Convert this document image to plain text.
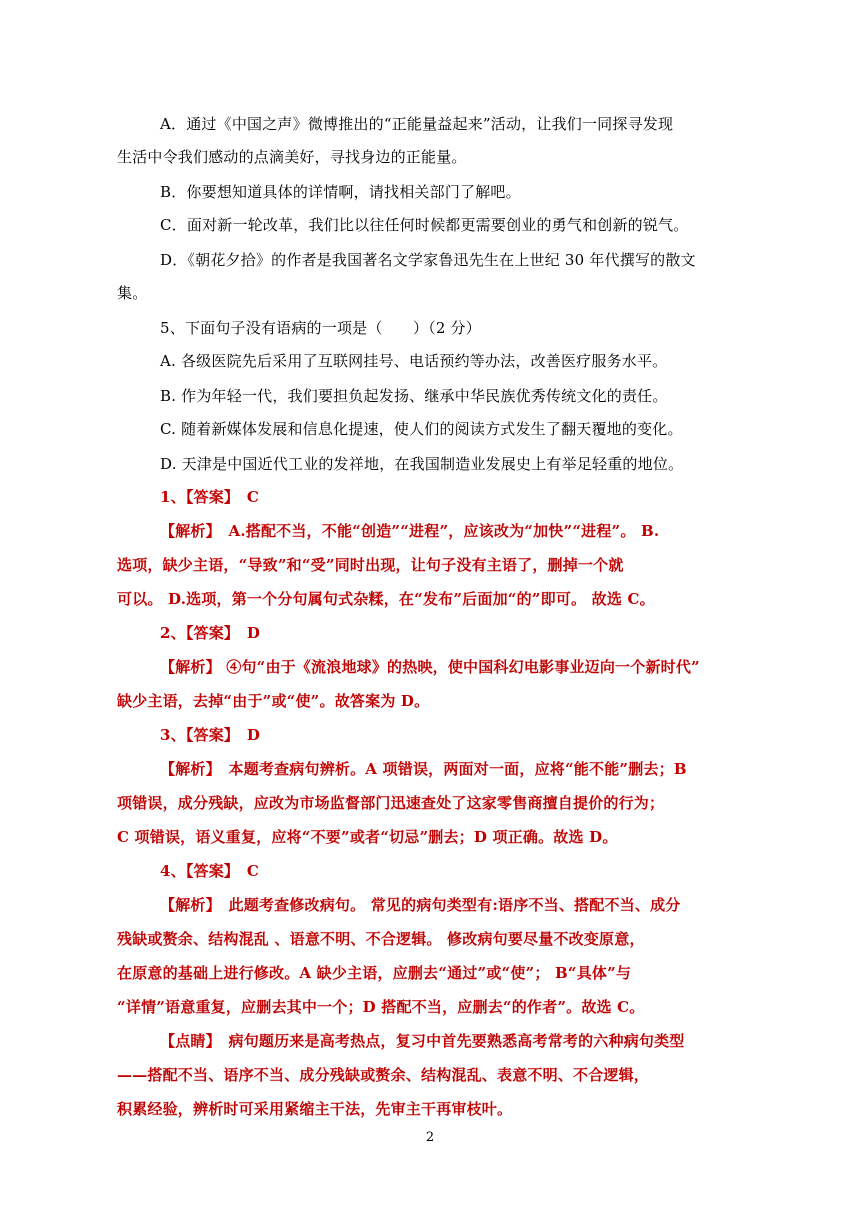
A．通过《中国之声》微博推出的“正能量益起来”活动，让我们一同探寻发现
生活中令我们感动的点滴美好，寻找身边的正能量。
B．你要想知道具体的详情啊，请找相关部门了解吧。
C．面对新一轮改革，我们比以往任何时候都更需要创业的勇气和创新的锐气。
D．《朝花夕拾》的作者是我国著名文学家鲁迅先生在上世纪 30 年代撰写的散文
集。
5、下面句子没有语病的一项是（　　）（2 分）
A. 各级医院先后采用了互联网挂号、电话预约等办法，改善医疗服务水平。
B. 作为年轻一代，我们要担负起发扬、继承中华民族优秀传统文化的责任。
C. 随着新媒体发展和信息化提速，使人们的阅读方式发生了翻天覆地的变化。
D. 天津是中国近代工业的发祥地，在我国制造业发展史上有举足轻重的地位。
1、【答案】　C
【解析】　A.搭配不当，不能“创造”“进程”，应该改为“加快”“进程”。 B.
选项，缺少主语，“导致”和“受”同时出现，让句子没有主语了，删掉一个就
可以。 D.选项，第一个分句属句式杂糅，在“发布”后面加“的”即可。 故选 C。
2、【答案】　D
【解析】 ④句“由于《流浪地球》的热映，使中国科幻电影事业迈向一个新时代”
缺少主语，去掉“由于”或“使”。故答案为 D。
3、【答案】　D
【解析】　本题考查病句辨析。A 项错误，两面对一面，应将“能不能”删去；B
项错误，成分残缺，应改为市场监督部门迅速查处了这家零售商擅自提价的行为；
C 项错误，语义重复，应将“不要”或者“切忌”删去；D 项正确。故选 D。
4、【答案】　C
【解析】　此题考查修改病句。 常见的病句类型有:语序不当、搭配不当、成分
残缺或赘余、结构混乱 、语意不明、不合逻辑。 修改病句要尽量不改变原意，
在原意的基础上进行修改。A 缺少主语，应删去“通过”或“使”； B“具体”与
“详情”语意重复，应删去其中一个；D 搭配不当，应删去“的作者”。故选 C。
【点睛】　病句题历来是高考热点，复习中首先要熟悉高考常考的六种病句类型
——搭配不当、语序不当、成分残缺或赘余、结构混乱、表意不明、不合逻辑，
积累经验，辨析时可采用紧缩主干法，先审主干再审枝叶。
2
